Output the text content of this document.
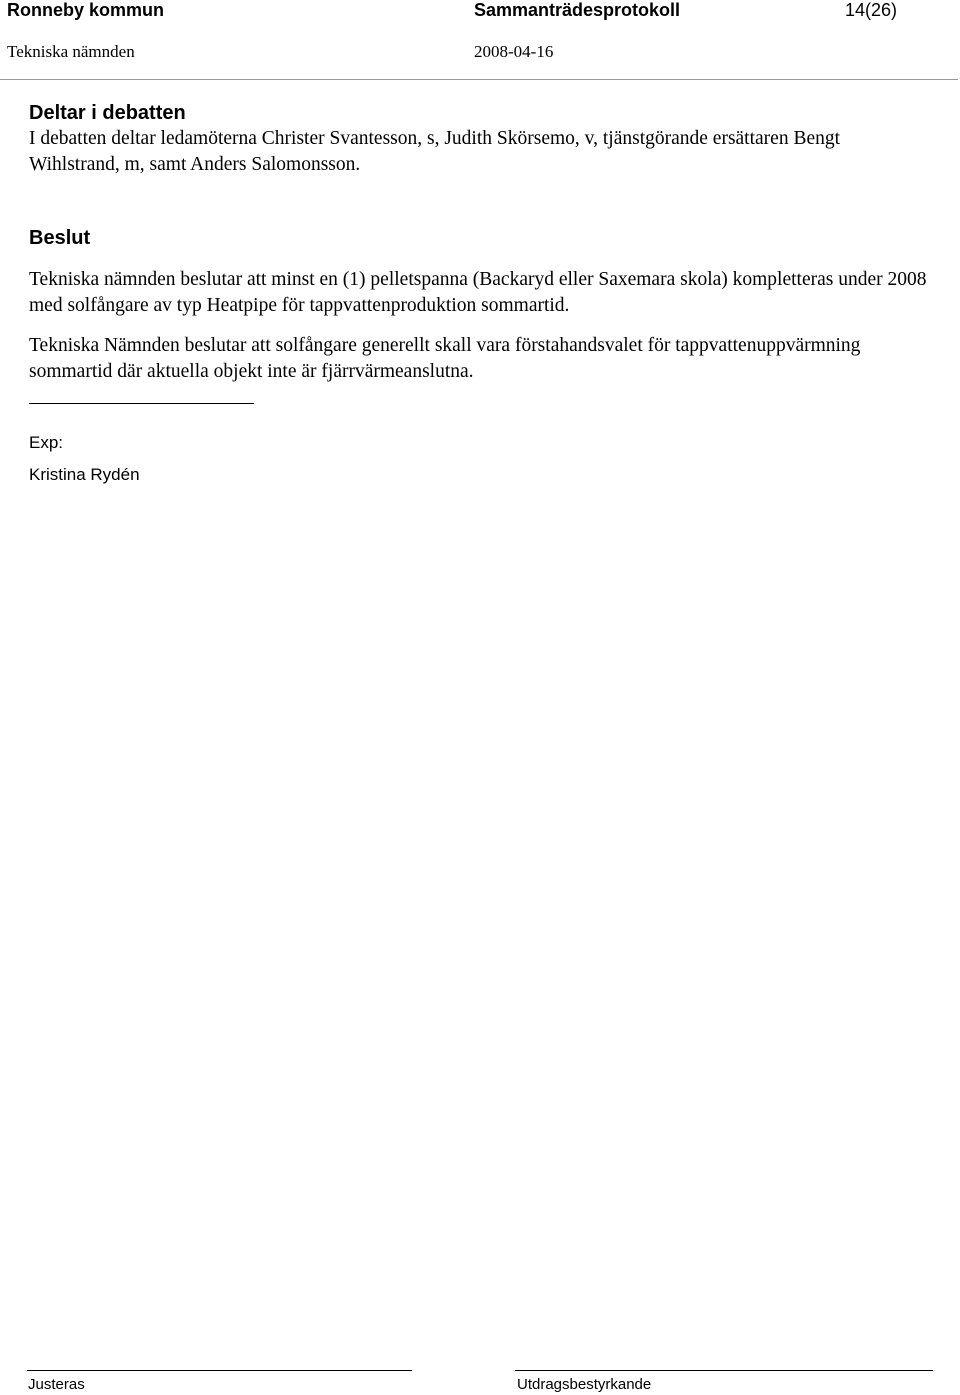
Ronneby kommun	Sammanträdesprotokoll	14(26)
Tekniska nämnden	2008-04-16
Deltar i debatten
I debatten deltar ledamöterna Christer Svantesson, s, Judith Skörsemo, v, tjänstgörande ersättaren Bengt Wihlstrand, m, samt Anders Salomonsson.
Beslut
Tekniska nämnden beslutar att minst en (1) pelletspanna (Backaryd eller Saxemara skola) kompletteras under 2008 med solfångare av typ Heatpipe för tappvattenproduktion sommartid.
Tekniska Nämnden beslutar att solfångare generellt skall vara förstahandsvalet för tappvattenuppvärmning sommartid där aktuella objekt inte är fjärrvärmeanslutna.
Exp:
Kristina Rydén
Justeras	Utdragsbestyrkande
